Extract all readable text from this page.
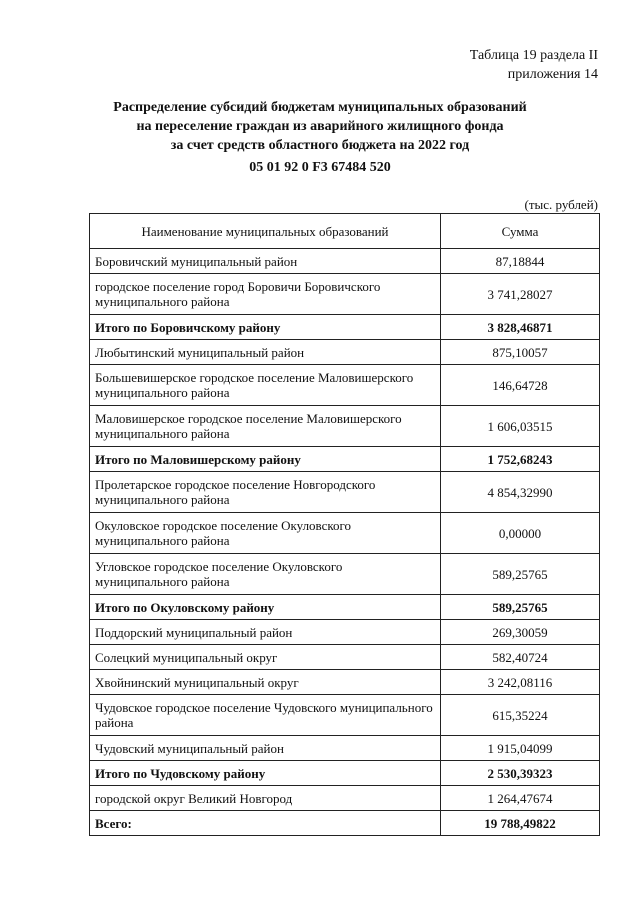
Таблица 19 раздела II
приложения 14
Распределение субсидий бюджетам муниципальных образований
на переселение граждан из аварийного жилищного фонда
за счет средств областного бюджета на 2022 год
05 01 92 0 F3 67484 520
(тыс. рублей)
Наименование муниципальных образований	Сумма
Боровичский муниципальный район	87,18844
городское поселение город Боровичи Боровичского муниципального района	3 741,28027
Итого по Боровичскому району	3 828,46871
Любытинский муниципальный район	875,10057
Большевишерское городское поселение Маловишерского муниципального района	146,64728
Маловишерское городское поселение Маловишерского муниципального района	1 606,03515
Итого по Маловишерскому району	1 752,68243
Пролетарское городское поселение Новгородского муниципального района	4 854,32990
Окуловское городское поселение Окуловского муниципального района	0,00000
Угловское городское поселение Окуловского муниципального района	589,25765
Итого по Окуловскому району	589,25765
Поддорский муниципальный район	269,30059
Солецкий муниципальный округ	582,40724
Хвойнинский муниципальный округ	3 242,08116
Чудовское городское поселение Чудовского муниципального района	615,35224
Чудовский муниципальный район	1 915,04099
Итого по Чудовскому району	2 530,39323
городской округ Великий Новгород	1 264,47674
Всего:	19 788,49822
